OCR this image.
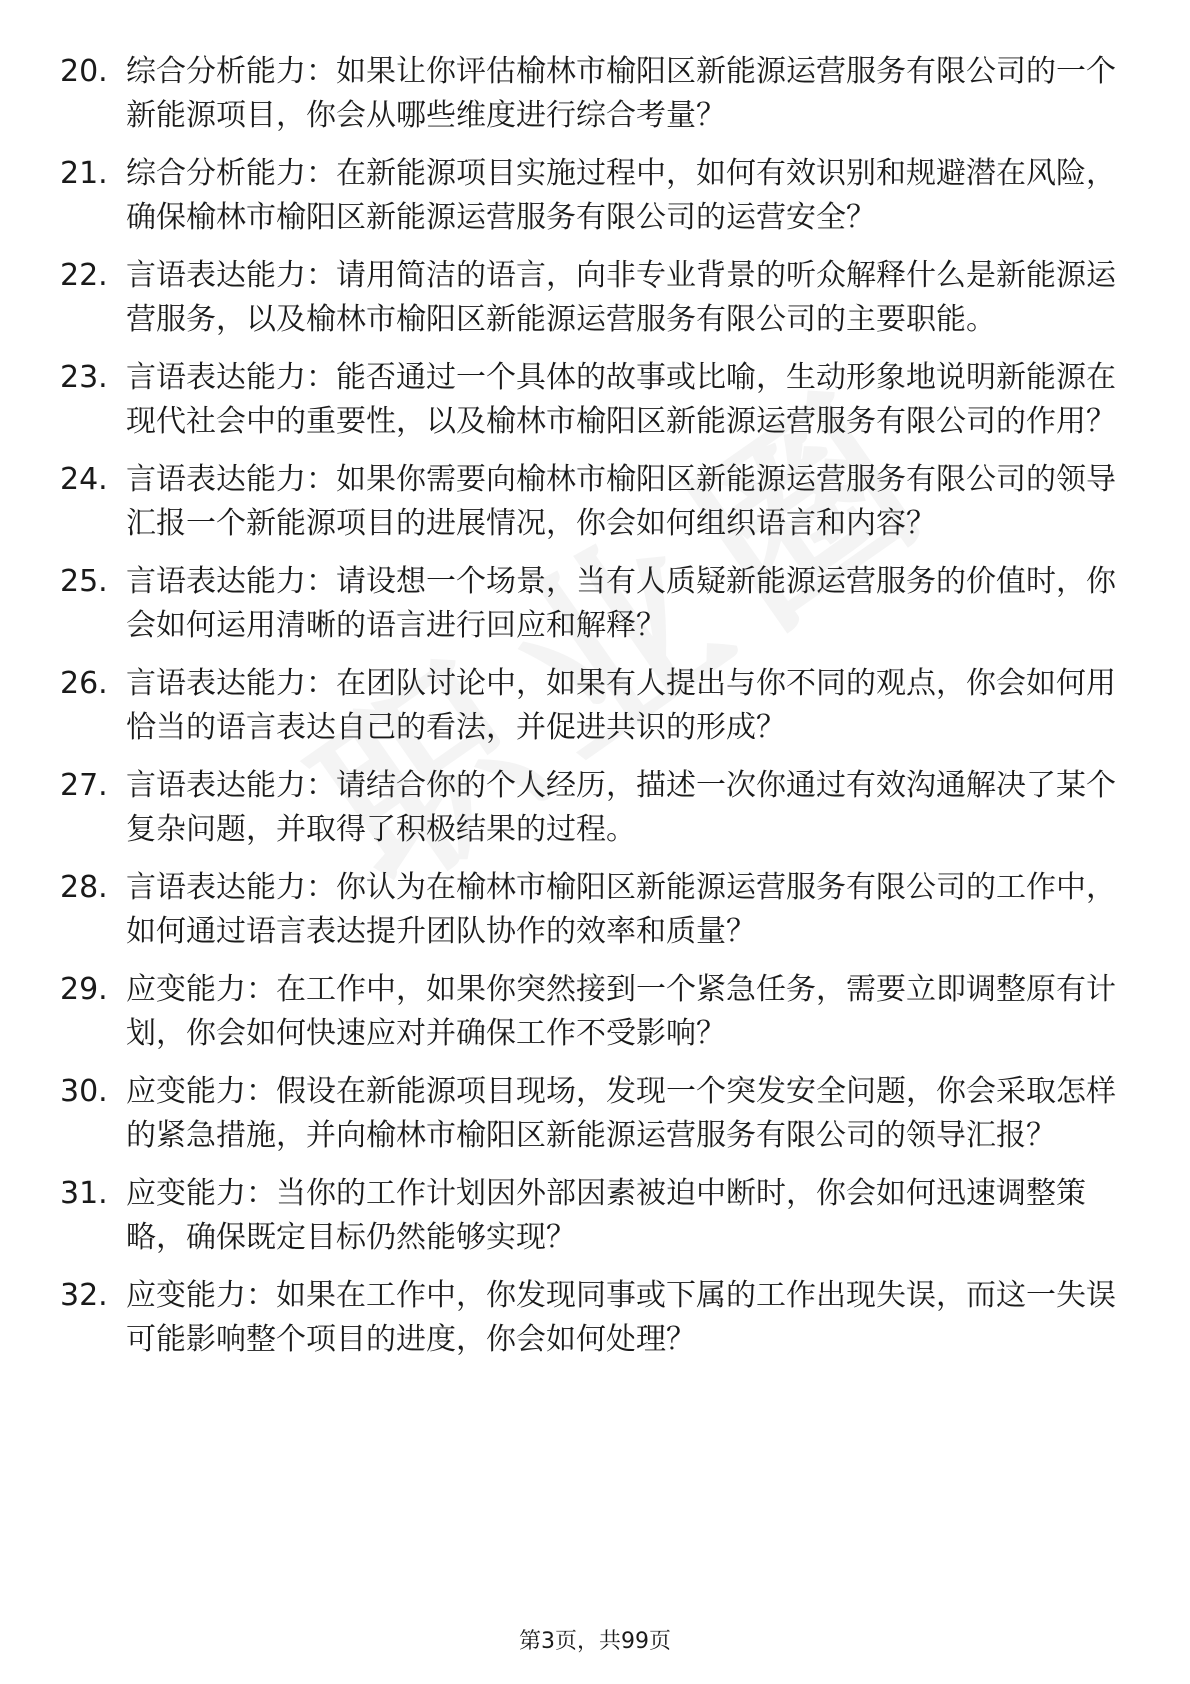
20. 综合分析能力：如果让你评估榆林市榆阳区新能源运营服务有限公司的一个新能源项目，你会从哪些维度进行综合考量？
21. 综合分析能力：在新能源项目实施过程中，如何有效识别和规避潜在风险，确保榆林市榆阳区新能源运营服务有限公司的运营安全？
22. 言语表达能力：请用简洁的语言，向非专业背景的听众解释什么是新能源运营服务，以及榆林市榆阳区新能源运营服务有限公司的主要职能。
23. 言语表达能力：能否通过一个具体的故事或比喻，生动形象地说明新能源在现代社会中的重要性，以及榆林市榆阳区新能源运营服务有限公司的作用？
24. 言语表达能力：如果你需要向榆林市榆阳区新能源运营服务有限公司的领导汇报一个新能源项目的进展情况，你会如何组织语言和内容？
25. 言语表达能力：请设想一个场景，当有人质疑新能源运营服务的价值时，你会如何运用清晰的语言进行回应和解释？
26. 言语表达能力：在团队讨论中，如果有人提出与你不同的观点，你会如何用恰当的语言表达自己的看法，并促进共识的形成？
27. 言语表达能力：请结合你的个人经历，描述一次你通过有效沟通解决了某个复杂问题，并取得了积极结果的过程。
28. 言语表达能力：你认为在榆林市榆阳区新能源运营服务有限公司的工作中，如何通过语言表达提升团队协作的效率和质量？
29. 应变能力：在工作中，如果你突然接到一个紧急任务，需要立即调整原有计划，你会如何快速应对并确保工作不受影响？
30. 应变能力：假设在新能源项目现场，发现一个突发安全问题，你会采取怎样的紧急措施，并向榆林市榆阳区新能源运营服务有限公司的领导汇报？
31. 应变能力：当你的工作计划因外部因素被迫中断时，你会如何迅速调整策略，确保既定目标仍然能够实现？
32. 应变能力：如果在工作中，你发现同事或下属的工作出现失误，而这一失误可能影响整个项目的进度，你会如何处理？
第3页，共99页
